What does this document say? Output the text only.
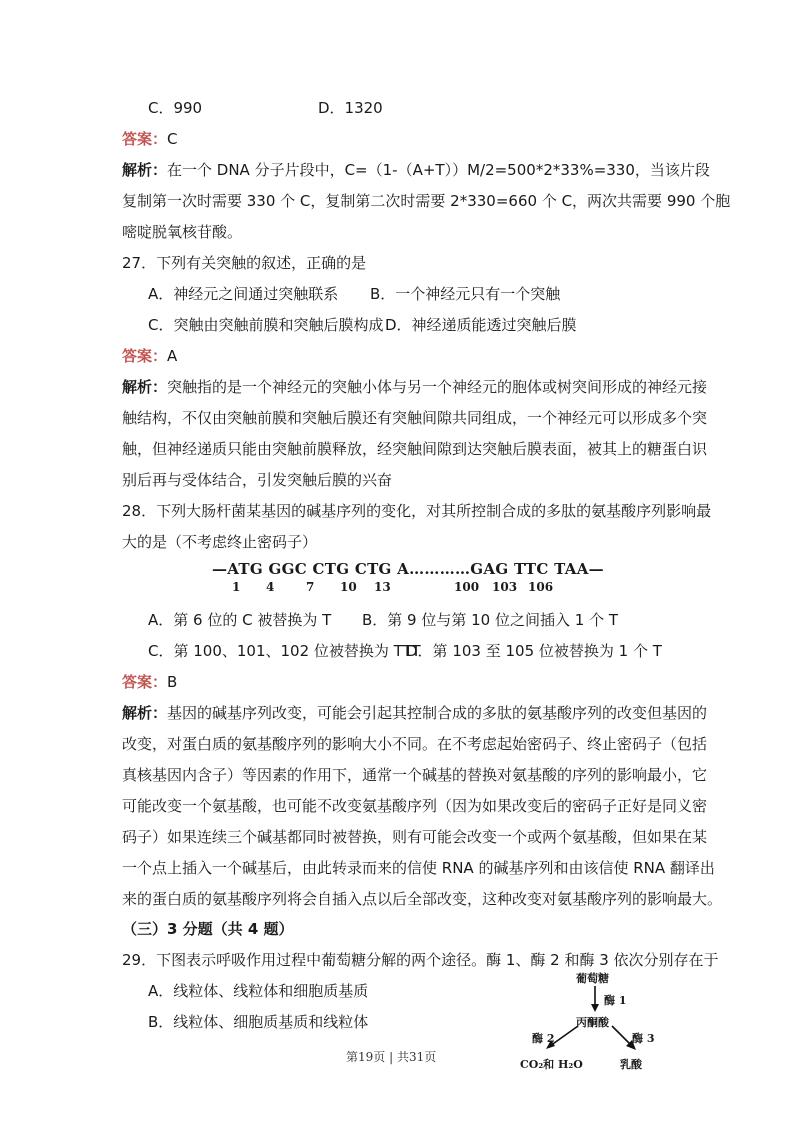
C．990	D．1320
答案：C
解析：在一个 DNA 分子片段中，C=（1-（A+T））M/2=500*2*33%=330，当该片段
复制第一次时需要 330 个 C，复制第二次时需要 2*330=660 个 C，两次共需要 990 个胞
嘧啶脱氧核苷酸。
27．下列有关突触的叙述，正确的是
A．神经元之间通过突触联系 B．一个神经元只有一个突触
C．突触由突触前膜和突触后膜构成 D．神经递质能透过突触后膜
答案：A
解析：突触指的是一个神经元的突触小体与另一个神经元的胞体或树突间形成的神经元接
触结构，不仅由突触前膜和突触后膜还有突触间隙共同组成，一个神经元可以形成多个突
触，但神经递质只能由突触前膜释放，经突触间隙到达突触后膜表面，被其上的糖蛋白识
别后再与受体结合，引发突触后膜的兴奋
28．下列大肠杆菌某基因的碱基序列的变化，对其所控制合成的多肽的氨基酸序列影响最
大的是（不考虑终止密码子）
—ATG GGC CTG CTG A…………GAG TTC TAA—
1 4	7 10 13	100 103 106
A．第 6 位的 C 被替换为 T B．第 9 位与第 10 位之间插入 1 个 T
C．第 100、101、102 位被替换为 TTT
D．第 103 至 105 位被替换为 1 个 T
答案：B
解析：基因的碱基序列改变，可能会引起其控制合成的多肽的氨基酸序列的改变但基因的
改变，对蛋白质的氨基酸序列的影响大小不同。在不考虑起始密码子、终止密码子（包括
真核基因内含子）等因素的作用下，通常一个碱基的替换对氨基酸的序列的影响最小，它
可能改变一个氨基酸，也可能不改变氨基酸序列（因为如果改变后的密码子正好是同义密
码子）如果连续三个碱基都同时被替换，则有可能会改变一个或两个氨基酸，但如果在某
一个点上插入一个碱基后，由此转录而来的信使 RNA 的碱基序列和由该信使 RNA 翻译出
来的蛋白质的氨基酸序列将会自插入点以后全部改变，这种改变对氨基酸序列的影响最大。
（三）3 分题（共 4 题）
29．下图表示呼吸作用过程中葡萄糖分解的两个途径。酶 1、酶 2 和酶 3 依次分别存在于
A．线粒体、线粒体和细胞质基质
B．线粒体、细胞质基质和线粒体
葡萄糖
酶 1
丙酮酸
酶 2	酶 3
CO₂和 H₂O	乳酸
第19页 | 共31页
